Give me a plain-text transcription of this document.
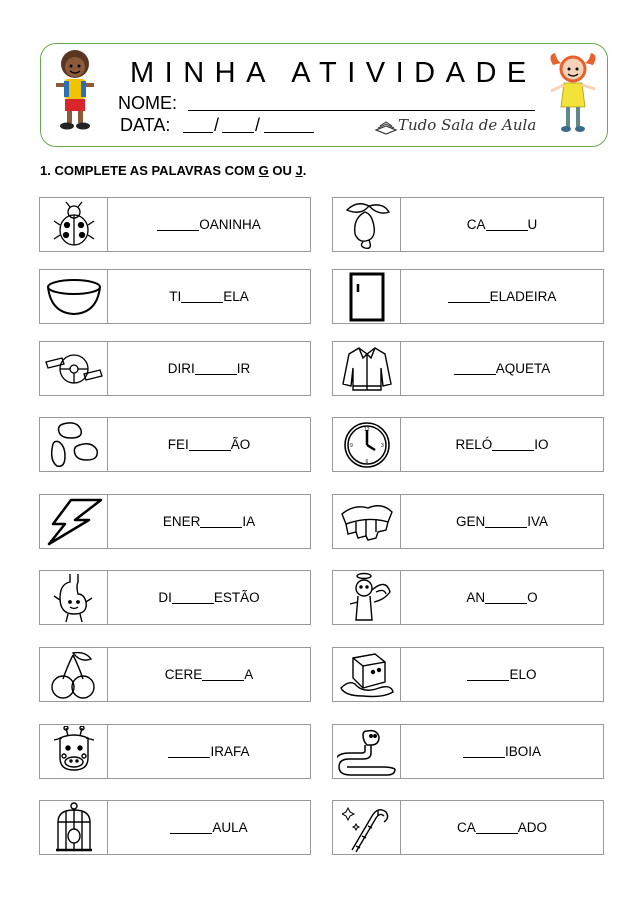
MINHA ATIVIDADE
NOME:
DATA: / /	Tudo Sala de Aula
1. COMPLETE AS PALAVRAS COM G OU J.
OANINHA
TI	ELA
DIRI	IR
FEI	ÃO
ENER	IA
DI	ESTÃO
CERE	A
IRAFA
AULA
CA	U
ELADEIRA
AQUETA
12
3
6
9	RELÓ	IO
GEN	IVA
AN	O
ELO
IBOIA
CA	ADO
